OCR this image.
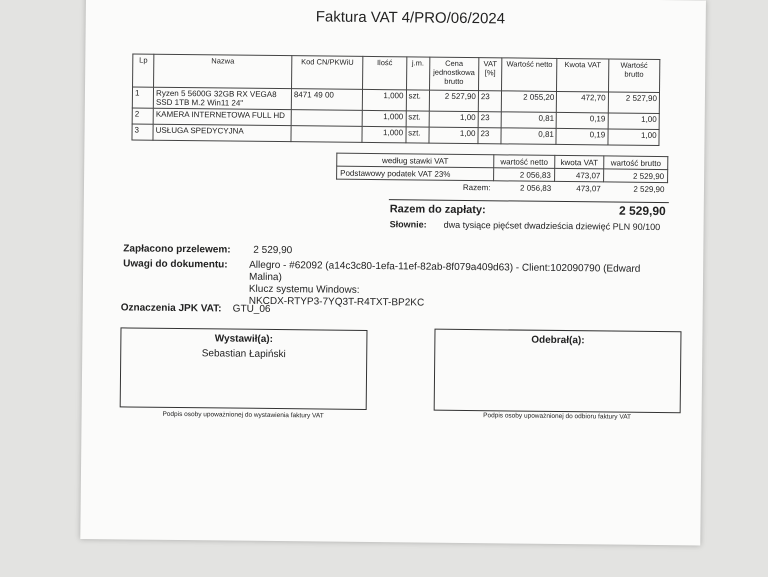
Faktura VAT 4/PRO/06/2024
Lp	Nazwa	Kod CN/PKWiU	Ilość	j.m.	Cena jednostkowa brutto	VAT [%]	Wartość netto	Kwota VAT	Wartość brutto
1	Ryzen 5 5600G 32GB RX VEGA8 SSD 1TB M.2 Win11 24"	8471 49 00	1,000	szt.	2 527,90	23	2 055,20	472,70	2 527,90
2	KAMERA INTERNETOWA FULL HD		1,000	szt.	1,00	23	0,81	0,19	1,00
3	USŁUGA SPEDYCYJNA		1,000	szt.	1,00	23	0,81	0,19	1,00
według stawki VAT	wartość netto	kwota VAT	wartość brutto
Podstawowy podatek VAT 23%	2 056,83	473,07	2 529,90
Razem:	2 056,83	473,07	2 529,90
Razem do zapłaty:	2 529,90
Słownie: dwa tysiące pięćset dwadzieścia dziewięć PLN 90/100
Zapłacono przelewem: 2 529,90
Uwagi do dokumentu: Allegro - #62092 (a14c3c80-1efa-11ef-82ab-8f079a409d63) - Client:102090790 (Edward Malina)
Klucz systemu Windows:
NKCDX-RTYP3-7YQ3T-R4TXT-BP2KC
Oznaczenia JPK VAT: GTU_06
Wystawił(a):
Sebastian Łapiński
Podpis osoby upoważnionej do wystawienia faktury VAT
Odebrał(a):
Podpis osoby upoważnionej do odbioru faktury VAT
